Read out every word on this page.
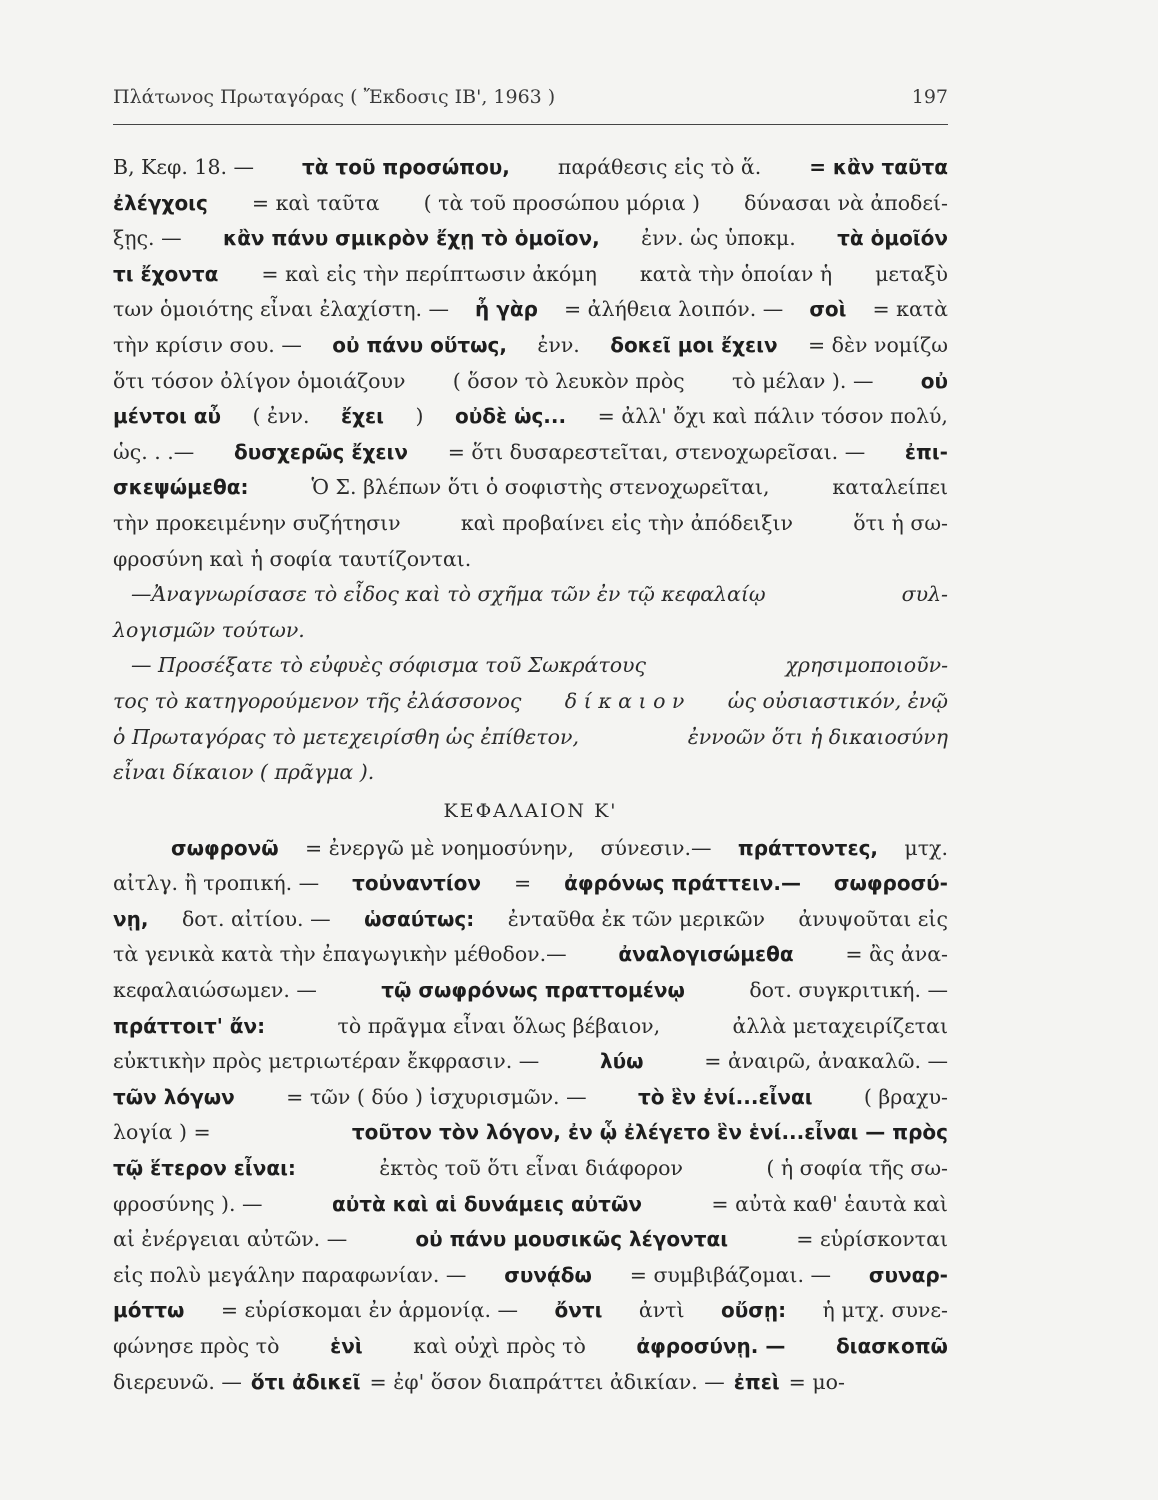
Πλάτωνος Πρωταγόρας ( Ἔκδοσις ΙΒ', 1963 )	197
Β, Κεφ. 18. — τὰ τοῦ προσώπου, παράθεσις εἰς τὸ ἅ. = κἂν ταῦτα
ἐλέγχοις = καὶ ταῦτα ( τὰ τοῦ προσώπου μόρια ) δύνασαι νὰ ἀποδεί-
ξῃς. — κἂν πάνυ σμικρὸν ἔχῃ τὸ ὁμοῖον, ἐνν. ὡς ὑποκμ. τὰ ὁμοῖόν
τι ἔχοντα = καὶ εἰς τὴν περίπτωσιν ἀκόμη κατὰ τὴν ὁποίαν ἡ μεταξὺ
των ὁμοιότης εἶναι ἐλαχίστη. — ἦ γὰρ = ἀλήθεια λοιπόν. — σοὶ = κατὰ
τὴν κρίσιν σου. — οὐ πάνυ οὕτως, ἐνν. δοκεῖ μοι ἔχειν = δὲν νομίζω
ὅτι τόσον ὀλίγον ὁμοιάζουν ( ὅσον τὸ λευκὸν πρὸς τὸ μέλαν ). — οὐ
μέντοι αὖ ( ἐνν. ἔχει ) οὐδὲ ὡς... = ἀλλ' ὄχι καὶ πάλιν τόσον πολύ,
ὡς. . .— δυσχερῶς ἔχειν = ὅτι δυσαρεστεῖται, στενοχωρεῖσαι. — ἐπι-
σκεψώμεθα:	Ὁ Σ. βλέπων ὅτι ὁ σοφιστὴς στενοχωρεῖται,	καταλείπει
τὴν προκειμένην συζήτησιν	καὶ προβαίνει εἰς τὴν ἀπόδειξιν	ὅτι ἡ σω-
φροσύνη καὶ ἡ σοφία ταυτίζονται.
—Ἀναγνωρίσασε τὸ εἶδος καὶ τὸ σχῆμα τῶν ἐν τῷ κεφαλαίῳ	συλ-
λογισμῶν τούτων.
— Προσέξατε τὸ εὐφυὲς σόφισμα τοῦ Σωκράτους	χρησιμοποιοῦν-
τος τὸ κατηγορούμενον τῆς ἐλάσσονος δ ί κ α ι ο ν ὡς οὐσιαστικόν, ἐνῷ
ὁ Πρωταγόρας τὸ μετεχειρίσθη ὡς ἐπίθετον,	ἐννοῶν ὅτι ἡ δικαιοσύνη
εἶναι δίκαιον ( πρᾶγμα ).
ΚΕΦΑΛΑΙΟΝ Κ'
σωφρονῶ = ἐνεργῶ μὲ νοημοσύνην, σύνεσιν.— πράττοντες, μτχ.
αἰτλγ. ἢ τροπική. — τοὐναντίον = ἀφρόνως πράττειν.— σωφροσύ-
νῃ, δοτ. αἰτίου. — ὡσαύτως: ἐνταῦθα ἐκ τῶν μερικῶν ἀνυψοῦται εἰς
τὰ γενικὰ κατὰ τὴν ἐπαγωγικὴν μέθοδον.—	ἀναλογισώμεθα	= ἂς ἀνα-
κεφαλαιώσωμεν. —	τῷ σωφρόνως πραττομένῳ	δοτ. συγκριτική. —
πράττοιτ' ἄν:	τὸ πρᾶγμα εἶναι ὅλως βέβαιον,	ἀλλὰ μεταχειρίζεται
εὐκτικὴν πρὸς μετριωτέραν ἔκφρασιν. —	λύω	= ἀναιρῶ, ἀνακαλῶ. —
τῶν λόγων	= τῶν ( δύο ) ἰσχυρισμῶν. —	τὸ ἓν ἐνί...εἶναι	( βραχυ-
λογία ) =	τοῦτον τὸν λόγον, ἐν ᾧ ἐλέγετο ἓν ἑνί...εἶναι — πρὸς
τῷ ἕτερον εἶναι:	ἐκτὸς τοῦ ὅτι εἶναι διάφορον	( ἡ σοφία τῆς σω-
φροσύνης ). —	αὐτὰ καὶ αἱ δυνάμεις αὐτῶν	= αὐτὰ καθ' ἑαυτὰ καὶ
αἱ ἐνέργειαι αὐτῶν. —	οὐ πάνυ μουσικῶς λέγονται	= εὑρίσκονται
εἰς πολὺ μεγάλην παραφωνίαν. — συνᾴδω = συμβιβάζομαι. — συναρ-
μόττω = εὑρίσκομαι ἐν ἁρμονίᾳ. — ὄντι ἀντὶ οὔσῃ: ἡ μτχ. συνε-
φώνησε πρὸς τὸ	ἑνὶ καὶ οὐχὶ πρὸς τὸ	ἀφροσύνῃ. —	διασκοπῶ
διερευνῶ. — ὅτι ἀδικεῖ = ἐφ' ὅσον διαπράττει ἀδικίαν. — ἐπεὶ = μο-
